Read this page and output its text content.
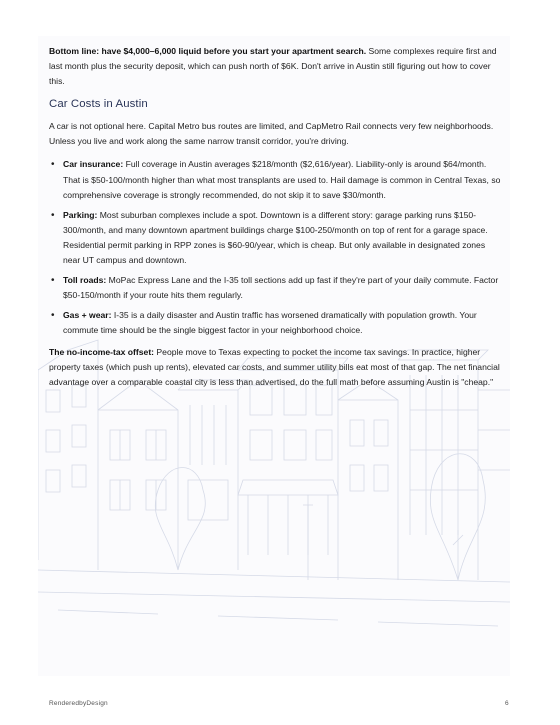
Bottom line: have $4,000–6,000 liquid before you start your apartment search. Some complexes require first and last month plus the security deposit, which can push north of $6K. Don't arrive in Austin still figuring out how to cover this.

Car Costs in Austin

A car is not optional here. Capital Metro bus routes are limited, and CapMetro Rail connects very few neighborhoods. Unless you live and work along the same narrow transit corridor, you're driving.

• Car insurance: Full coverage in Austin averages $218/month ($2,616/year). Liability-only is around $64/month. That is $50-100/month higher than what most transplants are used to. Hail damage is common in Central Texas, so comprehensive coverage is strongly recommended, do not skip it to save $30/month.
• Parking: Most suburban complexes include a spot. Downtown is a different story: garage parking runs $150-300/month, and many downtown apartment buildings charge $100-250/month on top of rent for a garage space. Residential permit parking in RPP zones is $60-90/year, which is cheap. But only available in designated zones near UT campus and downtown.
• Toll roads: MoPac Express Lane and the I-35 toll sections add up fast if they're part of your daily commute. Factor $50-150/month if your route hits them regularly.
• Gas + wear: I-35 is a daily disaster and Austin traffic has worsened dramatically with population growth. Your commute time should be the single biggest factor in your neighborhood choice.

The no-income-tax offset: People move to Texas expecting to pocket the income tax savings. In practice, higher property taxes (which push up rents), elevated car costs, and summer utility bills eat most of that gap. The net financial advantage over a comparable coastal city is less than advertised, do the full math before assuming Austin is "cheap."

RenderedbyDesign	6
